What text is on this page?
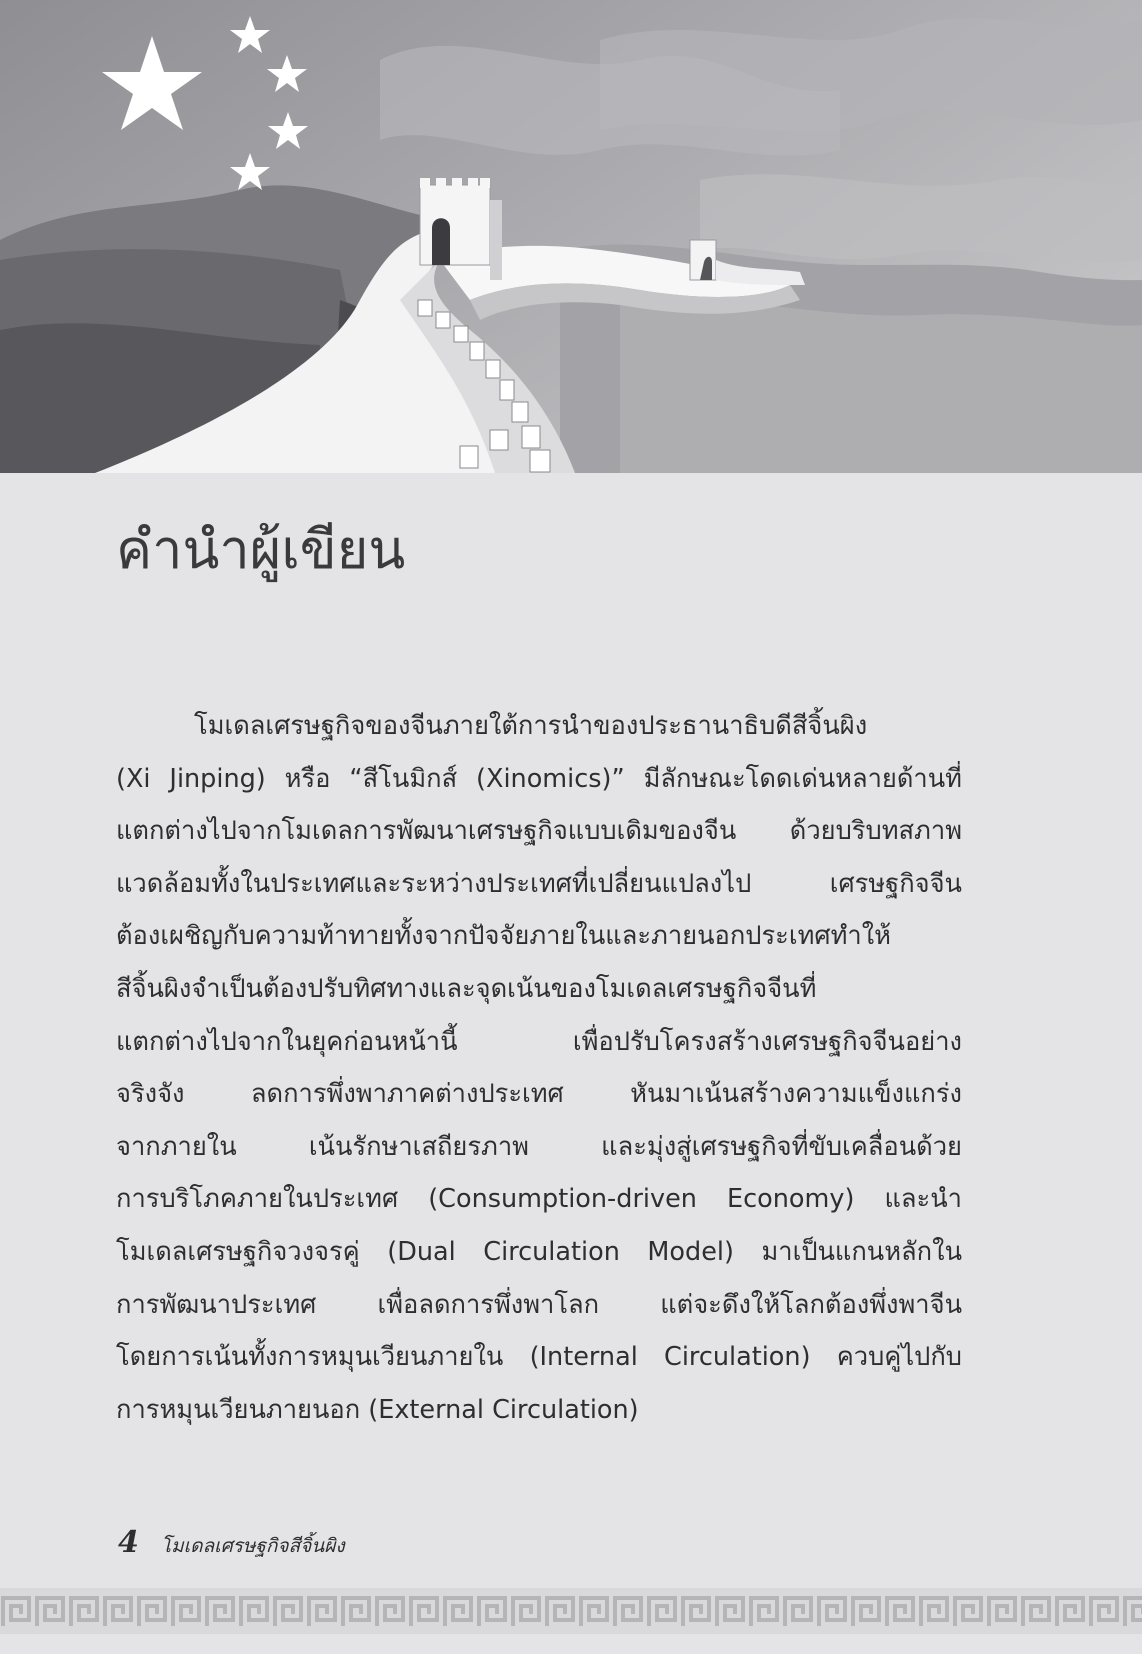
คำนำผู้เขียน
โมเดลเศรษฐกิจของจีนภายใต้การนำของประธานาธิบดีสีจิ้นผิง
(Xi Jinping) หรือ “สีโนมิกส์ (Xinomics)” มีลักษณะโดดเด่นหลายด้านที่
แตกต่างไปจากโมเดลการพัฒนาเศรษฐกิจแบบเดิมของจีน ด้วยบริบทสภาพ
แวดล้อมทั้งในประเทศและระหว่างประเทศที่เปลี่ยนแปลงไป เศรษฐกิจจีน
ต้องเผชิญกับความท้าทายทั้งจากปัจจัยภายในและภายนอกประเทศทำให้
สีจิ้นผิงจำเป็นต้องปรับทิศทางและจุดเน้นของโมเดลเศรษฐกิจจีนที่
แตกต่างไปจากในยุคก่อนหน้านี้ เพื่อปรับโครงสร้างเศรษฐกิจจีนอย่าง
จริงจัง ลดการพึ่งพาภาคต่างประเทศ หันมาเน้นสร้างความแข็งแกร่ง
จากภายใน เน้นรักษาเสถียรภาพ และมุ่งสู่เศรษฐกิจที่ขับเคลื่อนด้วย
การบริโภคภายในประเทศ (Consumption-driven Economy) และนำ
โมเดลเศรษฐกิจวงจรคู่ (Dual Circulation Model) มาเป็นแกนหลักใน
การพัฒนาประเทศ เพื่อลดการพึ่งพาโลก แต่จะดึงให้โลกต้องพึ่งพาจีน
โดยการเน้นทั้งการหมุนเวียนภายใน (Internal Circulation) ควบคู่ไปกับ
การหมุนเวียนภายนอก (External Circulation)
4 โมเดลเศรษฐกิจสีจิ้นผิง
